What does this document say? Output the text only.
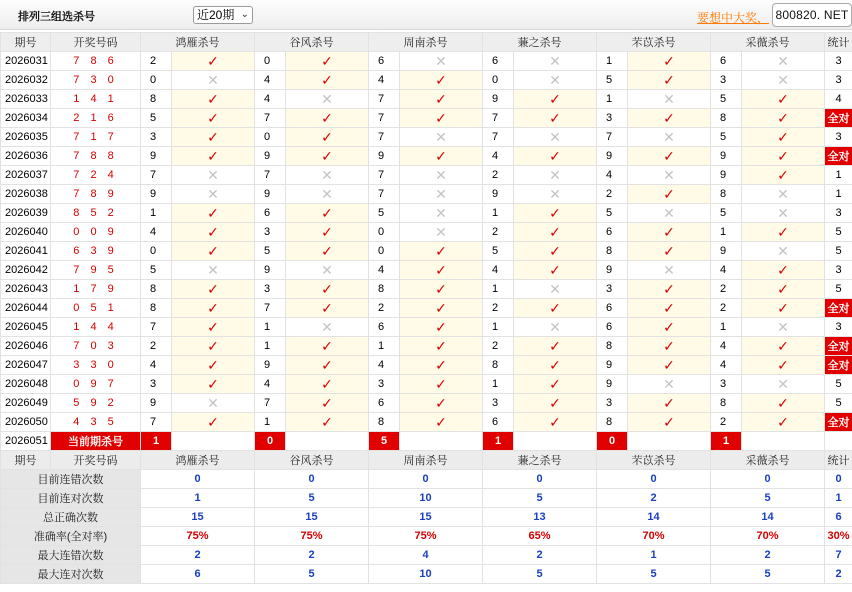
排列三组选杀号	近20期 ⌄	要想中大奖， 800820. NET
期号	开奖号码	鸿雁杀号		谷风杀号		周南杀号		蒹之杀号		芣苡杀号		采薇杀号		统计
2026031	7 8 6	2	✓	0	✓	6	✕	6	✕	1	✓	6	✕	3
2026032	7 3 0	0	✕	4	✓	4	✓	0	✕	5	✓	3	✕	3
2026033	1 4 1	8	✓	4	✕	7	✓	9	✓	1	✕	5	✓	4
2026034	2 1 6	5	✓	7	✓	7	✓	7	✓	3	✓	8	✓	全对
2026035	7 1 7	3	✓	0	✓	7	✕	7	✕	7	✕	5	✓	3
2026036	7 8 8	9	✓	9	✓	9	✓	4	✓	9	✓	9	✓	全对
2026037	7 2 4	7	✕	7	✕	7	✕	2	✕	4	✕	9	✓	1
2026038	7 8 9	9	✕	9	✕	7	✕	9	✕	2	✓	8	✕	1
2026039	8 5 2	1	✓	6	✓	5	✕	1	✓	5	✕	5	✕	3
2026040	0 0 9	4	✓	3	✓	0	✕	2	✓	6	✓	1	✓	5
2026041	6 3 9	0	✓	5	✓	0	✓	5	✓	8	✓	9	✕	5
2026042	7 9 5	5	✕	9	✕	4	✓	4	✓	9	✕	4	✓	3
2026043	1 7 9	8	✓	3	✓	8	✓	1	✕	3	✓	2	✓	5
2026044	0 5 1	8	✓	7	✓	2	✓	2	✓	6	✓	2	✓	全对
2026045	1 4 4	7	✓	1	✕	6	✓	1	✕	6	✓	1	✕	3
2026046	7 0 3	2	✓	1	✓	1	✓	2	✓	8	✓	4	✓	全对
2026047	3 3 0	4	✓	9	✓	4	✓	8	✓	9	✓	4	✓	全对
2026048	0 9 7	3	✓	4	✓	3	✓	1	✓	9	✕	3	✕	5
2026049	5 9 2	9	✕	7	✓	6	✓	3	✓	3	✓	8	✓	5
2026050	4 3 5	7	✓	1	✓	8	✓	6	✓	8	✓	2	✓	全对
2026051	当前期杀号	1		0		5		1		0		1		
期号	开奖号码	鸿雁杀号		谷风杀号		周南杀号		蒹之杀号		芣苡杀号		采薇杀号		统计
目前连错次数		0		0		0		0		0		0		0
目前连对次数		1		5		10		5		2		5		1
总正确次数		15		15		15		13		14		14		6
准确率(全对率)		75%		75%		75%		65%		70%		70%		30%
最大连错次数		2		2		4		2		1		2		7
最大连对次数		6		5		10		5		5		5		2
